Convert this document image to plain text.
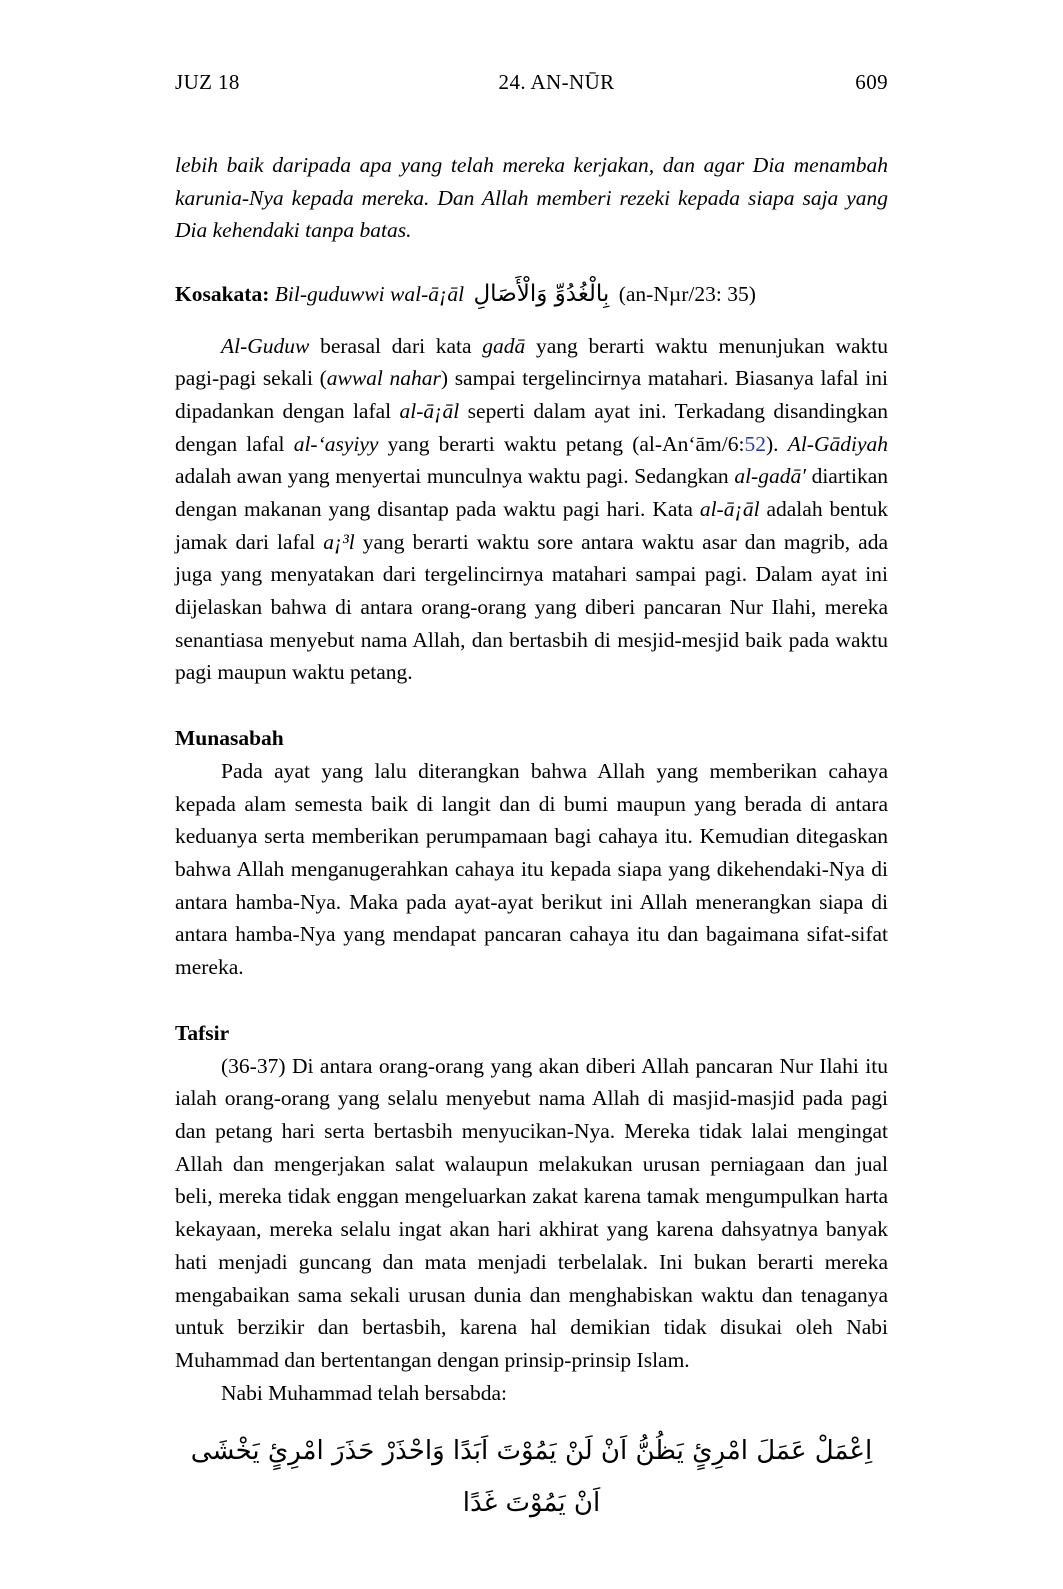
JUZ 18	24. AN-NŪR	609

lebih baik daripada apa yang telah mereka kerjakan, dan agar Dia menambah karunia-Nya kepada mereka. Dan Allah memberi rezeki kepada siapa saja yang Dia kehendaki tanpa batas.

Kosakata: Bil-guduwwi wal-ā¡āl بِالْغُدُوِّ وَالْأَصَالِ (an-Nµr/23: 35)

Al-Guduw berasal dari kata gadā yang berarti waktu menunjukan waktu pagi-pagi sekali (awwal nahar) sampai tergelincirnya matahari. Biasanya lafal ini dipadankan dengan lafal al-ā¡āl seperti dalam ayat ini. Terkadang disandingkan dengan lafal al-‘asyiyy yang berarti waktu petang (al-An‘ām/6:52). Al-Gādiyah adalah awan yang menyertai munculnya waktu pagi. Sedangkan al-gadā′ diartikan dengan makanan yang disantap pada waktu pagi hari. Kata al-ā¡āl adalah bentuk jamak dari lafal a¡³l yang berarti waktu sore antara waktu asar dan magrib, ada juga yang menyatakan dari tergelincirnya matahari sampai pagi. Dalam ayat ini dijelaskan bahwa di antara orang-orang yang diberi pancaran Nur Ilahi, mereka senantiasa menyebut nama Allah, dan bertasbih di mesjid-mesjid baik pada waktu pagi maupun waktu petang.

Munasabah

Pada ayat yang lalu diterangkan bahwa Allah yang memberikan cahaya kepada alam semesta baik di langit dan di bumi maupun yang berada di antara keduanya serta memberikan perumpamaan bagi cahaya itu. Kemudian ditegaskan bahwa Allah menganugerahkan cahaya itu kepada siapa yang dikehendaki-Nya di antara hamba-Nya. Maka pada ayat-ayat berikut ini Allah menerangkan siapa di antara hamba-Nya yang mendapat pancaran cahaya itu dan bagaimana sifat-sifat mereka.

Tafsir

(36-37) Di antara orang-orang yang akan diberi Allah pancaran Nur Ilahi itu ialah orang-orang yang selalu menyebut nama Allah di masjid-masjid pada pagi dan petang hari serta bertasbih menyucikan-Nya. Mereka tidak lalai mengingat Allah dan mengerjakan salat walaupun melakukan urusan perniagaan dan jual beli, mereka tidak enggan mengeluarkan zakat karena tamak mengumpulkan harta kekayaan, mereka selalu ingat akan hari akhirat yang karena dahsyatnya banyak hati menjadi guncang dan mata menjadi terbelalak. Ini bukan berarti mereka mengabaikan sama sekali urusan dunia dan menghabiskan waktu dan tenaganya untuk berzikir dan bertasbih, karena hal demikian tidak disukai oleh Nabi Muhammad dan bertentangan dengan prinsip-prinsip Islam.

Nabi Muhammad telah bersabda:

اِعْمَلْ عَمَلَ امْرِئٍ يَظُنُّ اَنْ لَنْ يَمُوْتَ اَبَدًا وَاحْذَرْ حَذَرَ امْرِئٍ يَخْشَى اَنْ يَمُوْتَ غَدًا
